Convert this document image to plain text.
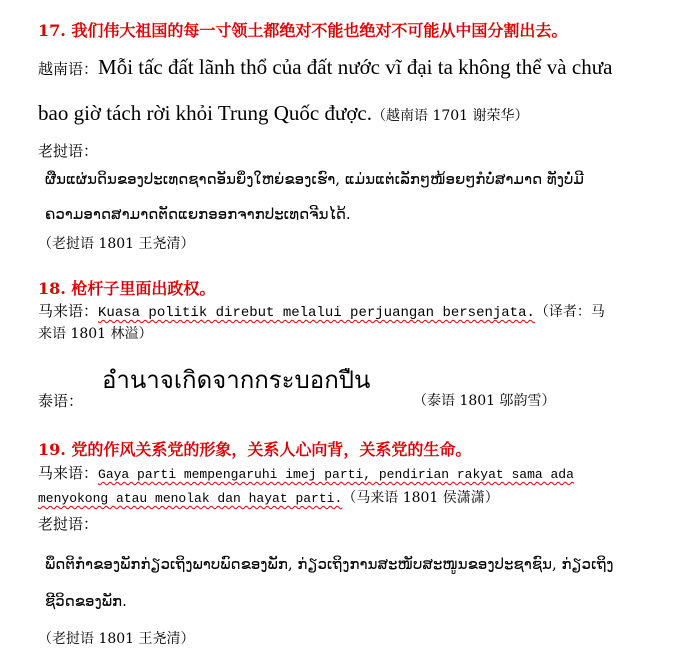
17. 我们伟大祖国的每一寸领土都绝对不能也绝对不可能从中国分割出去。
越南语：Mỗi tấc đất lãnh thổ của đất nước vĩ đại ta không thể và chưa
bao giờ tách rời khỏi Trung Quốc được.（越南语 1701 谢荣华）
老挝语：
ຜືນແຜ່ນດິນຂອງປະເທດຊາດອັນຍິ່ງໃຫຍ່ຂອງເຮົາ, ແມ່ນແຕ່ເລັກໆໜ້ອຍໆກໍບໍ່ສາມາດ ທັງບໍ່ມີ
ຄວາມອາດສາມາດຕັດແຍກອອກຈາກປະເທດຈີນໄດ້.
（老挝语 1801 王尧清）
18. 枪杆子里面出政权。
马来语：Kuasa politik direbut melalui perjuangan bersenjata.（译者：马
来语 1801 林溢）
อำนาจเกิดจากกระบอกปืน
泰语：	（泰语 1801 邬韵雪）
19. 党的作风关系党的形象，关系人心向背，关系党的生命。
马来语：Gaya parti mempengaruhi imej parti, pendirian rakyat sama ada
menyokong atau menolak dan hayat parti.（马来语 1801 侯潇潇）
老挝语：
ພຶດຕິກຳຂອງພັກກ່ຽວເຖິງພາບພົດຂອງພັກ, ກ່ຽວເຖິງການສະໜັບສະໜູນຂອງປະຊາຊົນ, ກ່ຽວເຖິງ
ຊີວິດຂອງພັກ.
（老挝语 1801 王尧清）
